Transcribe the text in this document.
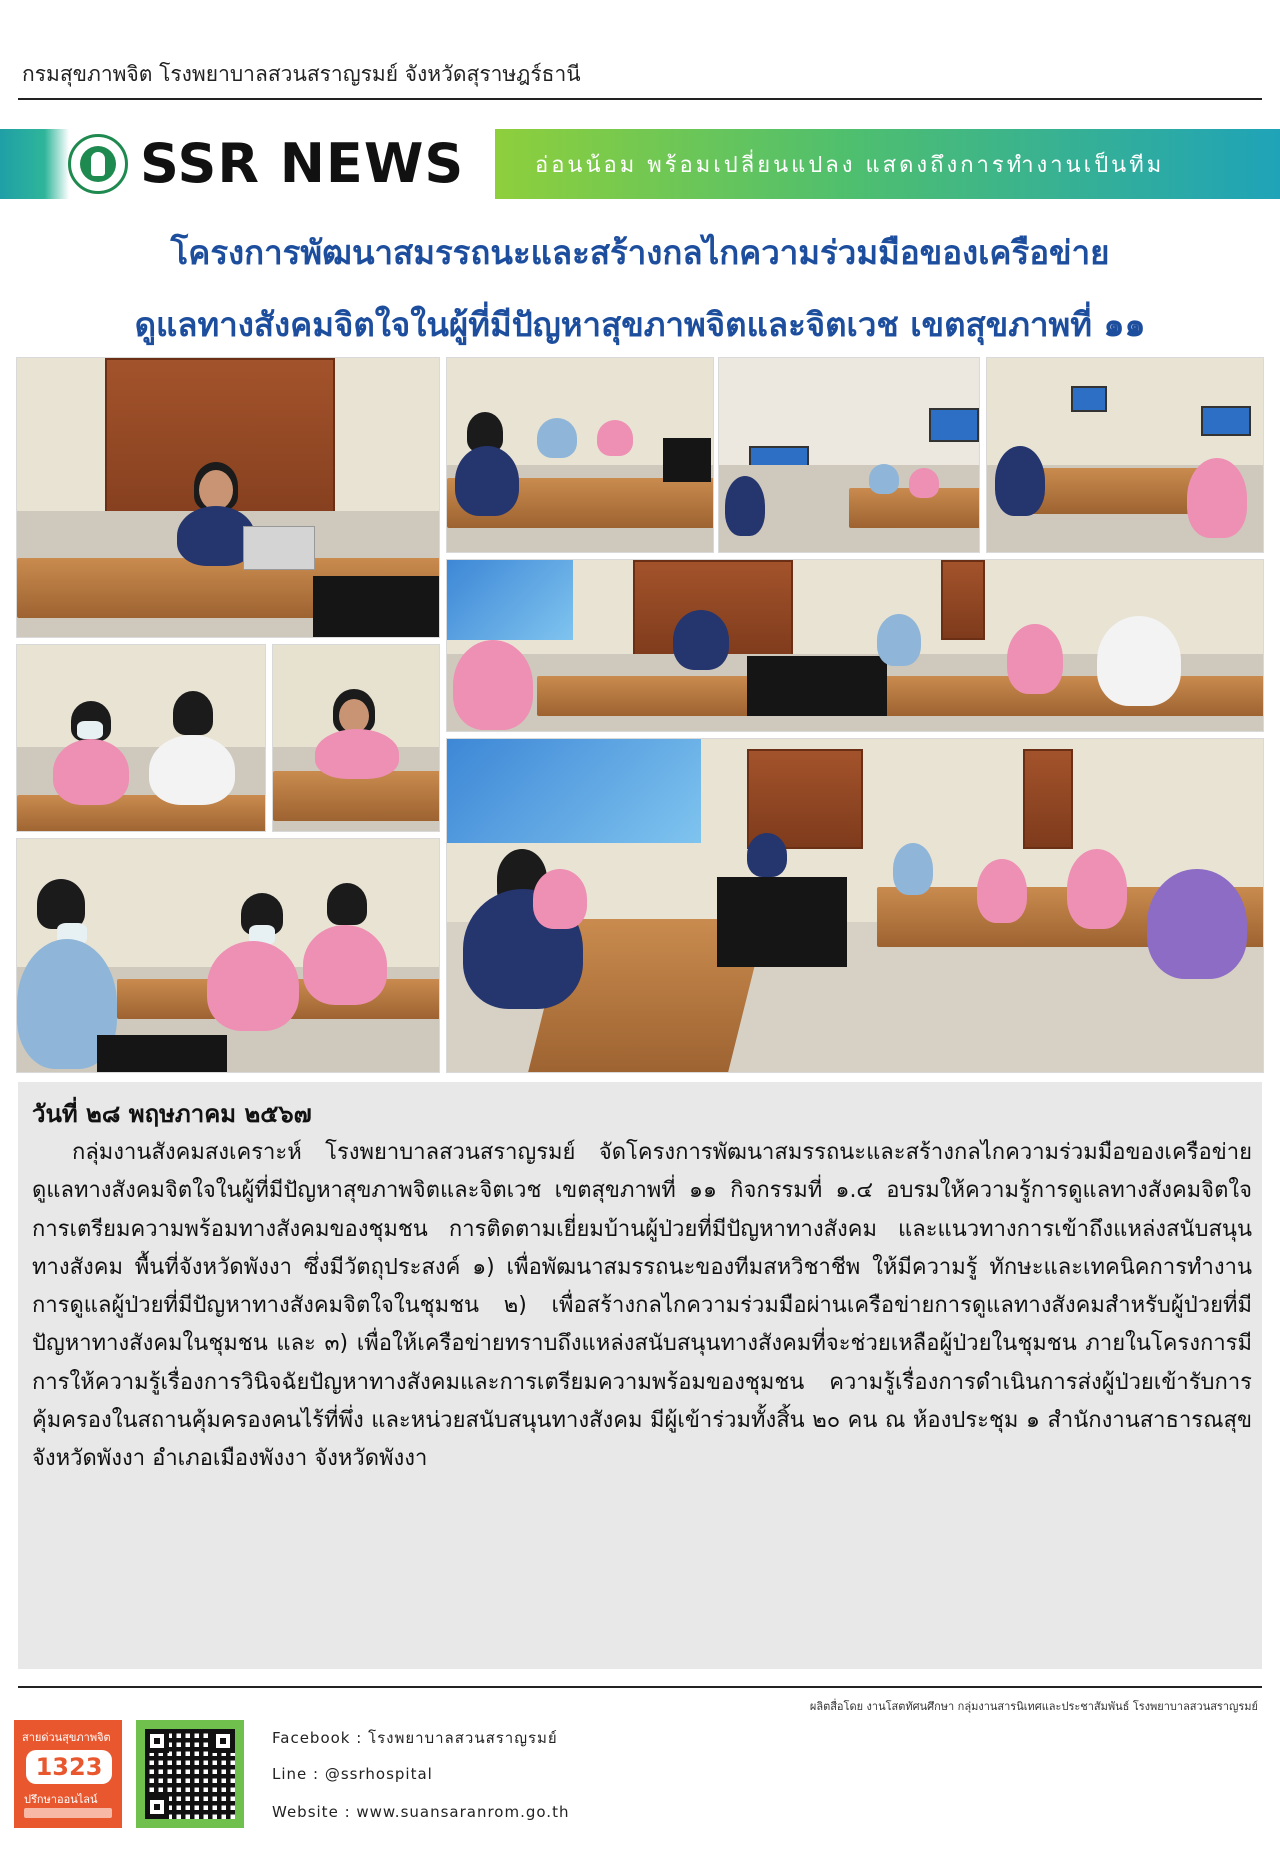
กรมสุขภาพจิต โรงพยาบาลสวนสราญรมย์ จังหวัดสุราษฎร์ธานี
SSR NEWS	อ่อนน้อม พร้อมเปลี่ยนแปลง แสดงถึงการทำงานเป็นทีม
โครงการพัฒนาสมรรถนะและสร้างกลไกความร่วมมือของเครือข่าย
ดูแลทางสังคมจิตใจในผู้ที่มีปัญหาสุขภาพจิตและจิตเวช เขตสุขภาพที่ ๑๑
วันที่ ๒๘ พฤษภาคม ๒๕๖๗
กลุ่มงานสังคมสงเคราะห์ โรงพยาบาลสวนสราญรมย์ จัดโครงการพัฒนาสมรรถนะและสร้างกลไกความร่วมมือของเครือข่ายดูแลทางสังคมจิตใจในผู้ที่มีปัญหาสุขภาพจิตและจิตเวช เขตสุขภาพที่ ๑๑ กิจกรรมที่ ๑.๔ อบรมให้ความรู้การดูแลทางสังคมจิตใจ การเตรียมความพร้อมทางสังคมของชุมชน การติดตามเยี่ยมบ้านผู้ป่วยที่มีปัญหาทางสังคม และแนวทางการเข้าถึงแหล่งสนับสนุนทางสังคม พื้นที่จังหวัดพังงา ซึ่งมีวัตถุประสงค์ ๑) เพื่อพัฒนาสมรรถนะของทีมสหวิชาชีพ ให้มีความรู้ ทักษะและเทคนิคการทำงานการดูแลผู้ป่วยที่มีปัญหาทางสังคมจิตใจในชุมชน ๒) เพื่อสร้างกลไกความร่วมมือผ่านเครือข่ายการดูแลทางสังคมสำหรับผู้ป่วยที่มีปัญหาทางสังคมในชุมชน และ ๓) เพื่อให้เครือข่ายทราบถึงแหล่งสนับสนุนทางสังคมที่จะช่วยเหลือผู้ป่วยในชุมชน ภายในโครงการมีการให้ความรู้เรื่องการวินิจฉัยปัญหาทางสังคมและการเตรียมความพร้อมของชุมชน ความรู้เรื่องการดำเนินการส่งผู้ป่วยเข้ารับการคุ้มครองในสถานคุ้มครองคนไร้ที่พึ่ง และหน่วยสนับสนุนทางสังคม มีผู้เข้าร่วมทั้งสิ้น ๒๐ คน ณ ห้องประชุม ๑ สำนักงานสาธารณสุขจังหวัดพังงา อำเภอเมืองพังงา จังหวัดพังงา
ผลิตสื่อโดย งานโสตทัศนศึกษา กลุ่มงานสารนิเทศและประชาสัมพันธ์ โรงพยาบาลสวนสราญรมย์
สายด่วนสุขภาพจิต
1323
ปรึกษาออนไลน์
Facebook : โรงพยาบาลสวนสราญรมย์
Line : @ssrhospital
Website : www.suansaranrom.go.th
